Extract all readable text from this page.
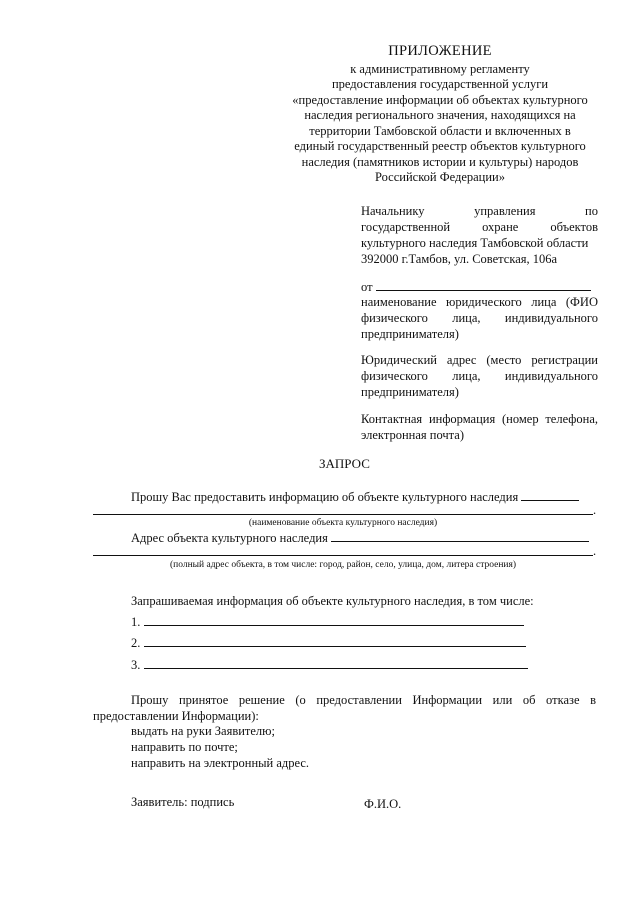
ПРИЛОЖЕНИЕ
к административному регламенту
предоставления государственной услуги
«предоставление информации об объектах культурного
наследия регионального значения, находящихся на
территории Тамбовской области и включенных в
единый государственный реестр объектов культурного
наследия (памятников истории и культуры) народов
Российской Федерации»
Начальнику управления по
государственной охране объектов
культурного наследия Тамбовской области
392000 г.Тамбов, ул. Советская, 106а
от
наименование юридического лица (ФИО
физического лица, индивидуального
предпринимателя)
Юридический адрес (место регистрации
физического лица, индивидуального
предпринимателя)
Контактная информация (номер телефона,
электронная почта)
ЗАПРОС
Прошу Вас предоставить информацию об объекте культурного наследия
.
(наименование объекта культурного наследия)
Адрес объекта культурного наследия
.
(полный адрес объекта, в том числе: город, район, село, улица, дом, литера строения)
Запрашиваемая информация об объекте культурного наследия, в том числе:
1.
2.
3.
Прошу принятое решение (о предоставлении Информации или об отказе в
предоставлении Информации):
выдать на руки Заявителю;
направить по почте;
направить на электронный адрес.
Заявитель: подпись	Ф.И.О.
